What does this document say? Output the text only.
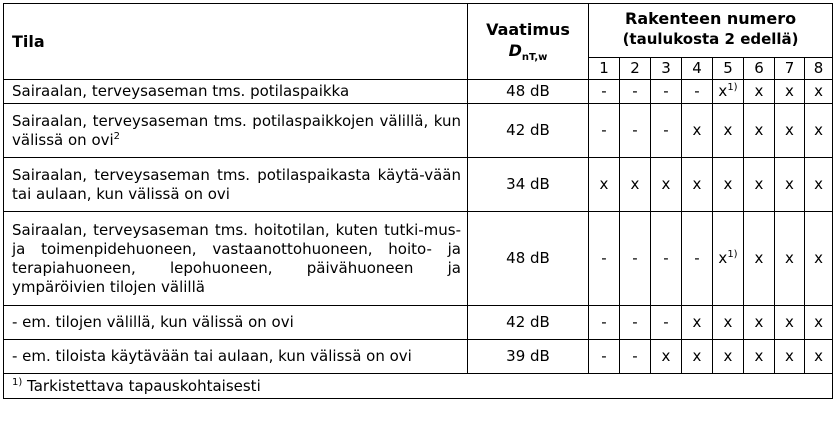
Tila	Vaatimus
$D_{nT,w}$	Rakenteen numero
(taulukosta 2 edellä)							

		1	2	3	4	5	6	7	8
Sairaalan, terveysaseman tms. potilaspaikka	48 dB	-	-	-	-	$x^{1)}$	x	x	x
Sairaalan, terveysaseman tms. potilaspaikkojen välillä, kun välissä on ovi$^2$	42 dB	-	-	-	x	x	x	x	x
Sairaalan, terveysaseman tms. potilaspaikasta käytä-vään tai aulaan, kun välissä on ovi	34 dB	x	x	x	x	x	x	x	x
Sairaalan, terveysaseman tms. hoitotilan, kuten tutki-mus- ja toimenpidehuoneen, vastaanottohuoneen, hoito- ja terapiahuoneen, lepohuoneen, päivähuoneen ja ympäröivien tilojen välillä	48 dB	-	-	-	-	$x^{1)}$	x	x	x
- em. tilojen välillä, kun välissä on ovi	42 dB	-	-	-	x	x	x	x	x
- em. tiloista käytävään tai aulaan, kun välissä on ovi	39 dB	-	-	x	x	x	x	x	x
$^{1)}$ Tarkistettava tapauskohtaisesti									
